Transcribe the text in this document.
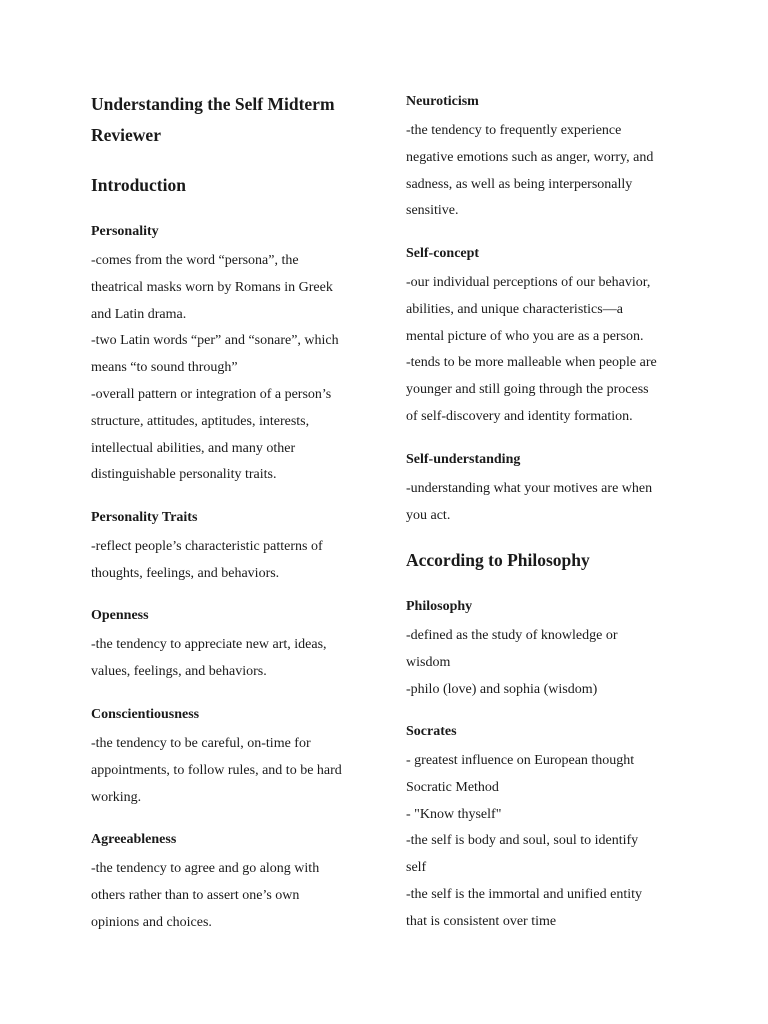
Understanding the Self Midterm
Reviewer
Introduction

Personality

-comes from the word “persona”, the
theatrical masks worn by Romans in Greek
and Latin drama.
-two Latin words “per” and “sonare”, which
means “to sound through”
-overall pattern or integration of a person’s
structure, attitudes, aptitudes, interests,
intellectual abilities, and many other
distinguishable personality traits.

Personality Traits

-reflect people’s characteristic patterns of
thoughts, feelings, and behaviors.

Openness

-the tendency to appreciate new art, ideas,
values, feelings, and behaviors.

Conscientiousness

-the tendency to be careful, on-time for
appointments, to follow rules, and to be hard
working.

Agreeableness

-the tendency to agree and go along with
others rather than to assert one’s own
opinions and choices.

Neuroticism

-the tendency to frequently experience
negative emotions such as anger, worry, and
sadness, as well as being interpersonally
sensitive.

Self-concept

-our individual perceptions of our behavior,
abilities, and unique characteristics—a
mental picture of who you are as a person.
-tends to be more malleable when people are
younger and still going through the process
of self-discovery and identity formation.

Self-understanding

-understanding what your motives are when
you act.

According to Philosophy

Philosophy

-defined as the study of knowledge or
wisdom
-philo (love) and sophia (wisdom)

Socrates

- greatest influence on European thought
Socratic Method
- "Know thyself"
-the self is body and soul, soul to identify
self
-the self is the immortal and unified entity
that is consistent over time
